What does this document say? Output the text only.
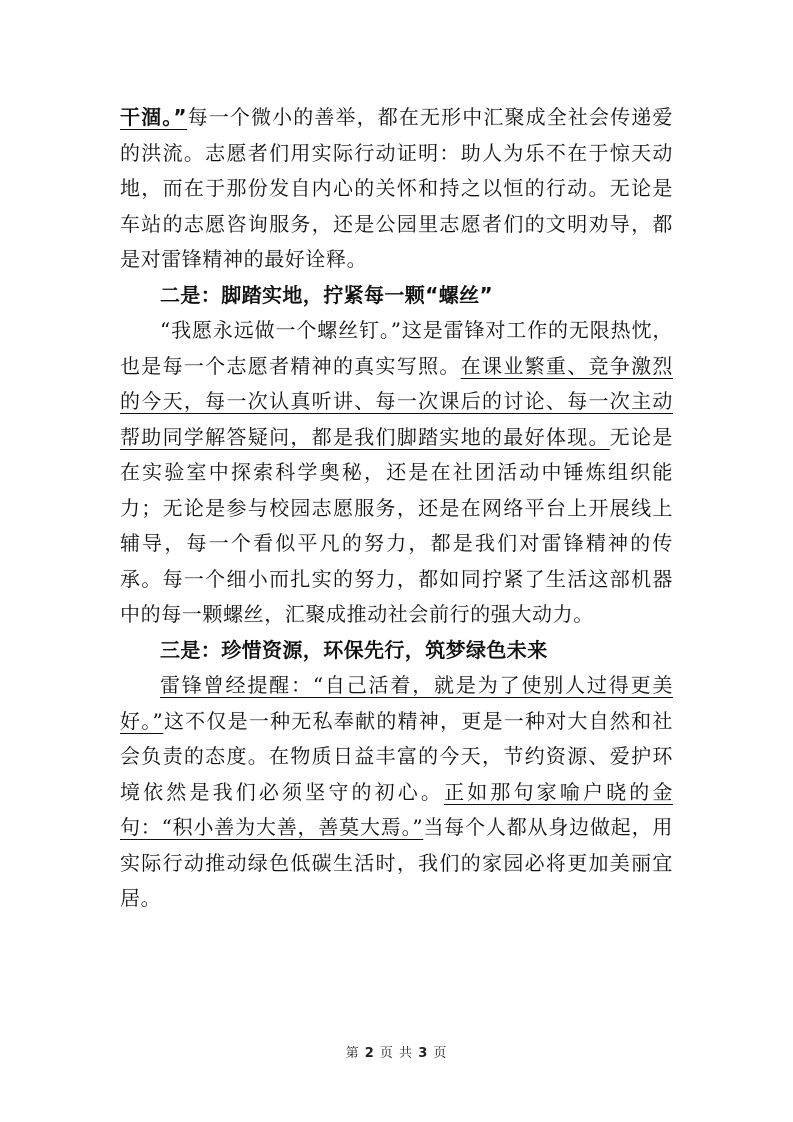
干涸。”每一个微小的善举，都在无形中汇聚成全社会传递爱的洪流。志愿者们用实际行动证明：助人为乐不在于惊天动地，而在于那份发自内心的关怀和持之以恒的行动。无论是车站的志愿咨询服务，还是公园里志愿者们的文明劝导，都是对雷锋精神的最好诠释。

二是：脚踏实地，拧紧每一颗“螺丝”

“我愿永远做一个螺丝钉。”这是雷锋对工作的无限热忱，也是每一个志愿者精神的真实写照。在课业繁重、竞争激烈的今天，每一次认真听讲、每一次课后的讨论、每一次主动帮助同学解答疑问，都是我们脚踏实地的最好体现。无论是在实验室中探索科学奥秘，还是在社团活动中锤炼组织能力；无论是参与校园志愿服务，还是在网络平台上开展线上辅导，每一个看似平凡的努力，都是我们对雷锋精神的传承。每一个细小而扎实的努力，都如同拧紧了生活这部机器中的每一颗螺丝，汇聚成推动社会前行的强大动力。

三是：珍惜资源，环保先行，筑梦绿色未来

雷锋曾经提醒：“自己活着，就是为了使别人过得更美好。”这不仅是一种无私奉献的精神，更是一种对大自然和社会负责的态度。在物质日益丰富的今天，节约资源、爱护环境依然是我们必须坚守的初心。正如那句家喻户晓的金句：“积小善为大善，善莫大焉。”当每个人都从身边做起，用实际行动推动绿色低碳生活时，我们的家园必将更加美丽宜居。

第 2 页 共 3 页
